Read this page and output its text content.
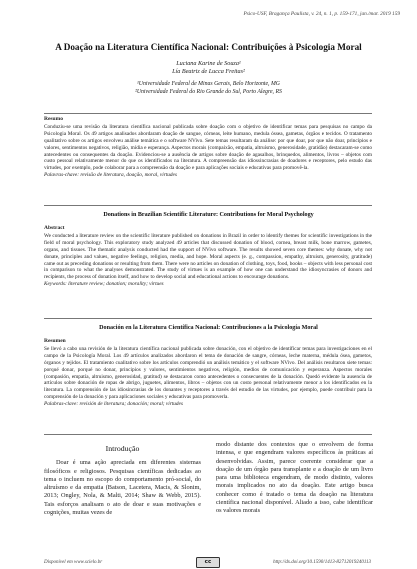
Psico-USF, Bragança Paulista, v. 24, n. 1, p. 159-171, jan./mar. 2019 159
A Doação na Literatura Científica Nacional: Contribuições à Psicologia Moral
Luciana Karine de Souza¹
Lía Beatriz de Lucca Freitas²
¹Universidade Federal de Minas Gerais, Belo Horizonte, MG
²Universidade Federal do Rio Grande do Sul, Porto Alegre, RS
Resumo
Conduziu-se uma revisão da literatura científica nacional publicada sobre doação com o objetivo de identificar temas para pesquisas no campo da Psicologia Moral. Os 49 artigos analisados abordaram doação de sangue, córneas, leite humano, medula óssea, gametas, órgãos e tecidos. O tratamento qualitativo sobre os artigos envolveu análise temática e o software NVivo. Sete temas resultaram da análise: por que doar, por que não doar, princípios e valores, sentimentos negativos, religião, mídia e esperança. Aspectos morais (compaixão, empatia, altruísmo, generosidade, gratidão) destacaram-se como antecedentes ou consequentes da doação. Evidenciou-se a ausência de artigos sobre doação de agasalhos, brinquedos, alimentos, livros – objetos com custo pessoal relativamente menor do que os identificados na literatura. A compreensão das idiossincrasias de doadores e receptores, pelo estudo das virtudes, por exemplo, pode colaborar para a compreensão da doação e para aplicações sociais e educativas para promovê-la.
Palavras-chave: revisão de literatura, doação, moral, virtudes
Donations in Brazilian Scientific Literature: Contributions for Moral Psychology
Abstract
We conducted a literature review on the scientific literature published on donations in Brazil in order to identify themes for scientific investigations in the field of moral psychology. This exploratory study analyzed 49 articles that discussed donation of blood, cornea, breast milk, bone marrow, gametes, organs, and tissues. The thematic analysis conducted had the support of NVivo software. The results showed seven core themes: why donate, why not donate, principles and values, negative feelings, religion, media, and hope. Moral aspects (e. g., compassion, empathy, altruism, generosity, gratitude) came out as preceding donations or resulting from them. There were no articles on donation of clothing, toys, food, books – objects with less personal cost in comparison to what the analyses demonstrated. The study of virtues is an example of how one can understand the idiosyncrasies of donors and recipients, the process of donation itself, and how to develop social and educational actions to encourage donations.
Keywords: literature review; donation; morality; virtues
Donación en la Literatura Científica Nacional: Contribuciones a la Psicología Moral
Resumen
Se llevó a cabo una revisión de la literatura científica nacional publicada sobre donación, con el objetivo de identificar temas para investigaciones en el campo de la Psicología Moral. Los 49 artículos analizados abordaron el tema de donación de sangre, córneas, leche materna, médula ósea, gametos, órganos y tejidos. El tratamiento cualitativo sobre los artículos comprendió un análisis temático y el software NVivo. Del análisis resultaron siete temas: porqué donar, porqué no donar, principios y valores, sentimientos negativos, religión, medios de comunicación y esperanza. Aspectos morales (compasión, empatía, altruismo, generosidad, gratitud) se destacaron como antecedentes o consecuentes de la donación. Quedó evidente la ausencia de artículos sobre donación de ropas de abrigo, juguetes, alimentos, libros – objetos con un costo personal relativamente menor a los identificados en la literatura. La comprensión de las idiosincrasias de los donantes y receptores a través del estudio de las virtudes, por ejemplo, puede contribuir para la comprensión de la donación y para aplicaciones sociales y educativas para promoverla.
Palabras-clave: revisión de literatura; donación; moral; virtudes
Introdução

Doar é uma ação apreciada em diferentes sistemas filosóficos e religiosos. Pesquisas científicas dedicadas ao tema o incluem no escopo do comportamento pró-social, do altruísmo e da empatia (Batson, Lacetera, Macis, & Slonim, 2013; Ongley, Nola, & Malti, 2014; Shaw & Webb, 2015). Tais esforços analisam o ato de doar e suas motivações e cognições, muitas vezes de

modo distante dos contextos que o envolvem de forma intensa, e que engendram valores específicos às práticas aí desenvolvidas. Assim, parece coerente considerar que a doação de um órgão para transplante e a doação de um livro para uma biblioteca engendram, de modo distinto, valores morais implicados no ato da doação. Este artigo busca conhecer como é tratado o tema da doação na literatura científica nacional disponível. Aliado a isso, cabe identificar os valores morais

Disponível em www.scielo.br	cc	http://dx.doi.org/10.1590/1413-82712019240113
